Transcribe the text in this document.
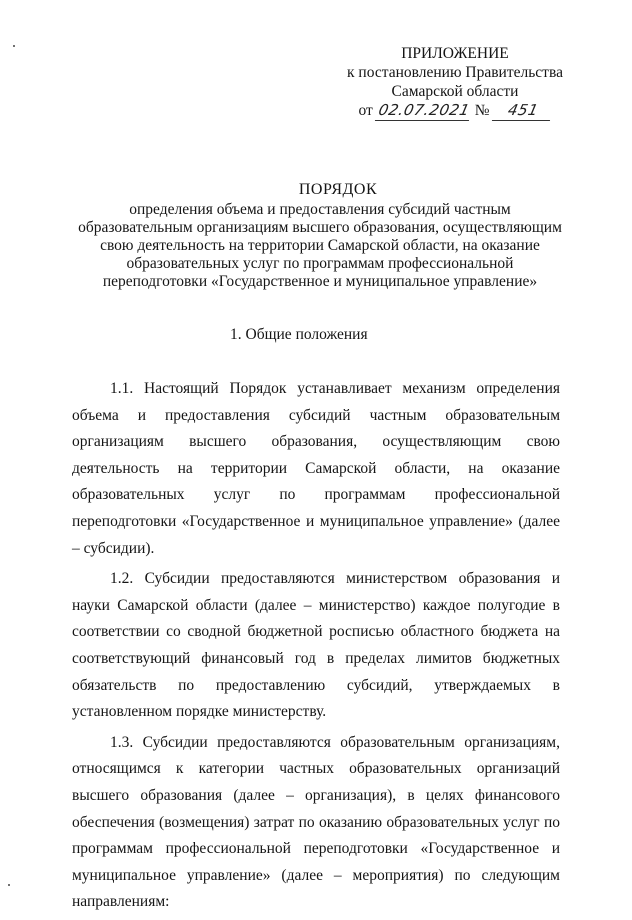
ПРИЛОЖЕНИЕ
к постановлению Правительства
Самарской области
от 02.07.2021 №	451
ПОРЯДОК
определения объема и предоставления субсидий частным
образовательным организациям высшего образования, осуществляющим
свою деятельность на территории Самарской области, на оказание
образовательных услуг по программам профессиональной
переподготовки «Государственное и муниципальное управление»
1. Общие положения

1.1. Настоящий Порядок устанавливает механизм определения объема и предоставления субсидий частным образовательным организациям высшего образования, осуществляющим свою деятельность на территории Самарской области, на оказание образовательных услуг по программам профессиональной переподготовки «Государственное и муниципальное управление» (далее – субсидии).

1.2. Субсидии предоставляются министерством образования и науки Самарской области (далее – министерство) каждое полугодие в соответствии со сводной бюджетной росписью областного бюджета на соответствующий финансовый год в пределах лимитов бюджетных обязательств по предоставлению субсидий, утверждаемых в установленном порядке министерству.

1.3. Субсидии предоставляются образовательным организациям, относящимся к категории частных образовательных организаций высшего образования (далее – организация), в целях финансового обеспечения (возмещения) затрат по оказанию образовательных услуг по программам профессиональной переподготовки «Государственное и муниципальное управление» (далее – мероприятия) по следующим направлениям:
